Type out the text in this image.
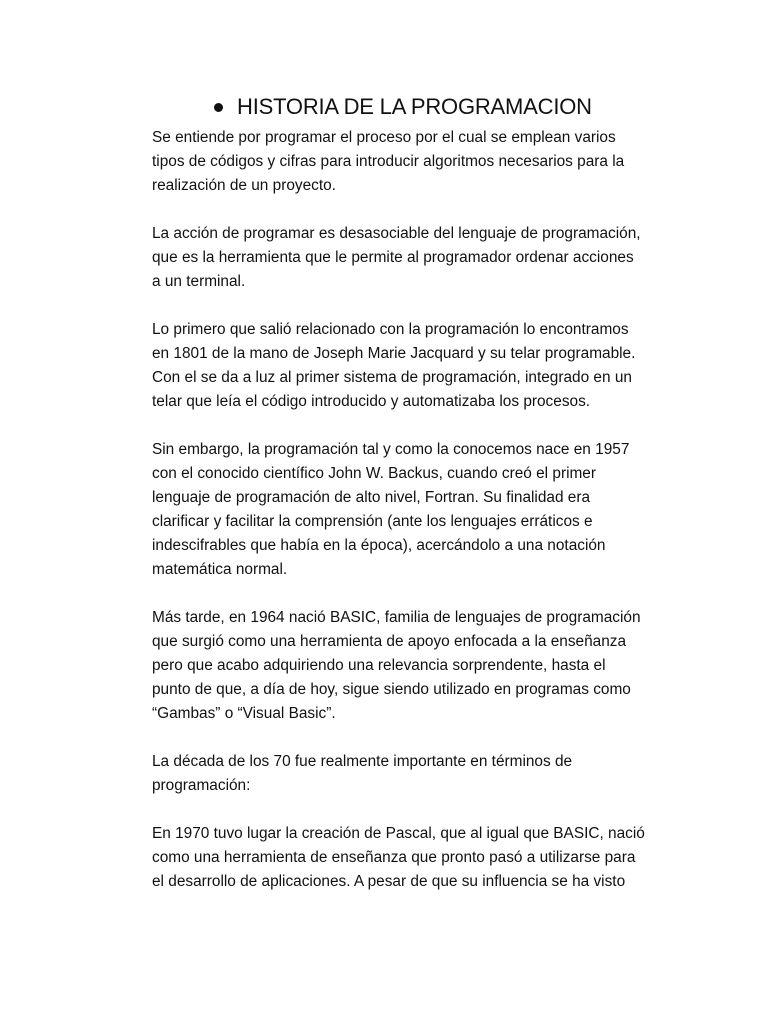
HISTORIA DE LA PROGRAMACION

Se entiende por programar el proceso por el cual se emplean varios
tipos de códigos y cifras para introducir algoritmos necesarios para la
realización de un proyecto.

La acción de programar es desasociable del lenguaje de programación,
que es la herramienta que le permite al programador ordenar acciones
a un terminal.

Lo primero que salió relacionado con la programación lo encontramos
en 1801 de la mano de Joseph Marie Jacquard y su telar programable.
Con el se da a luz al primer sistema de programación, integrado en un
telar que leía el código introducido y automatizaba los procesos.

Sin embargo, la programación tal y como la conocemos nace en 1957
con el conocido científico John W. Backus, cuando creó el primer
lenguaje de programación de alto nivel, Fortran. Su finalidad era
clarificar y facilitar la comprensión (ante los lenguajes erráticos e
indescifrables que había en la época), acercándolo a una notación
matemática normal.

Más tarde, en 1964 nació BASIC, familia de lenguajes de programación
que surgió como una herramienta de apoyo enfocada a la enseñanza
pero que acabo adquiriendo una relevancia sorprendente, hasta el
punto de que, a día de hoy, sigue siendo utilizado en programas como
“Gambas” o “Visual Basic”.

La década de los 70 fue realmente importante en términos de
programación:

En 1970 tuvo lugar la creación de Pascal, que al igual que BASIC, nació
como una herramienta de enseñanza que pronto pasó a utilizarse para
el desarrollo de aplicaciones. A pesar de que su influencia se ha visto
